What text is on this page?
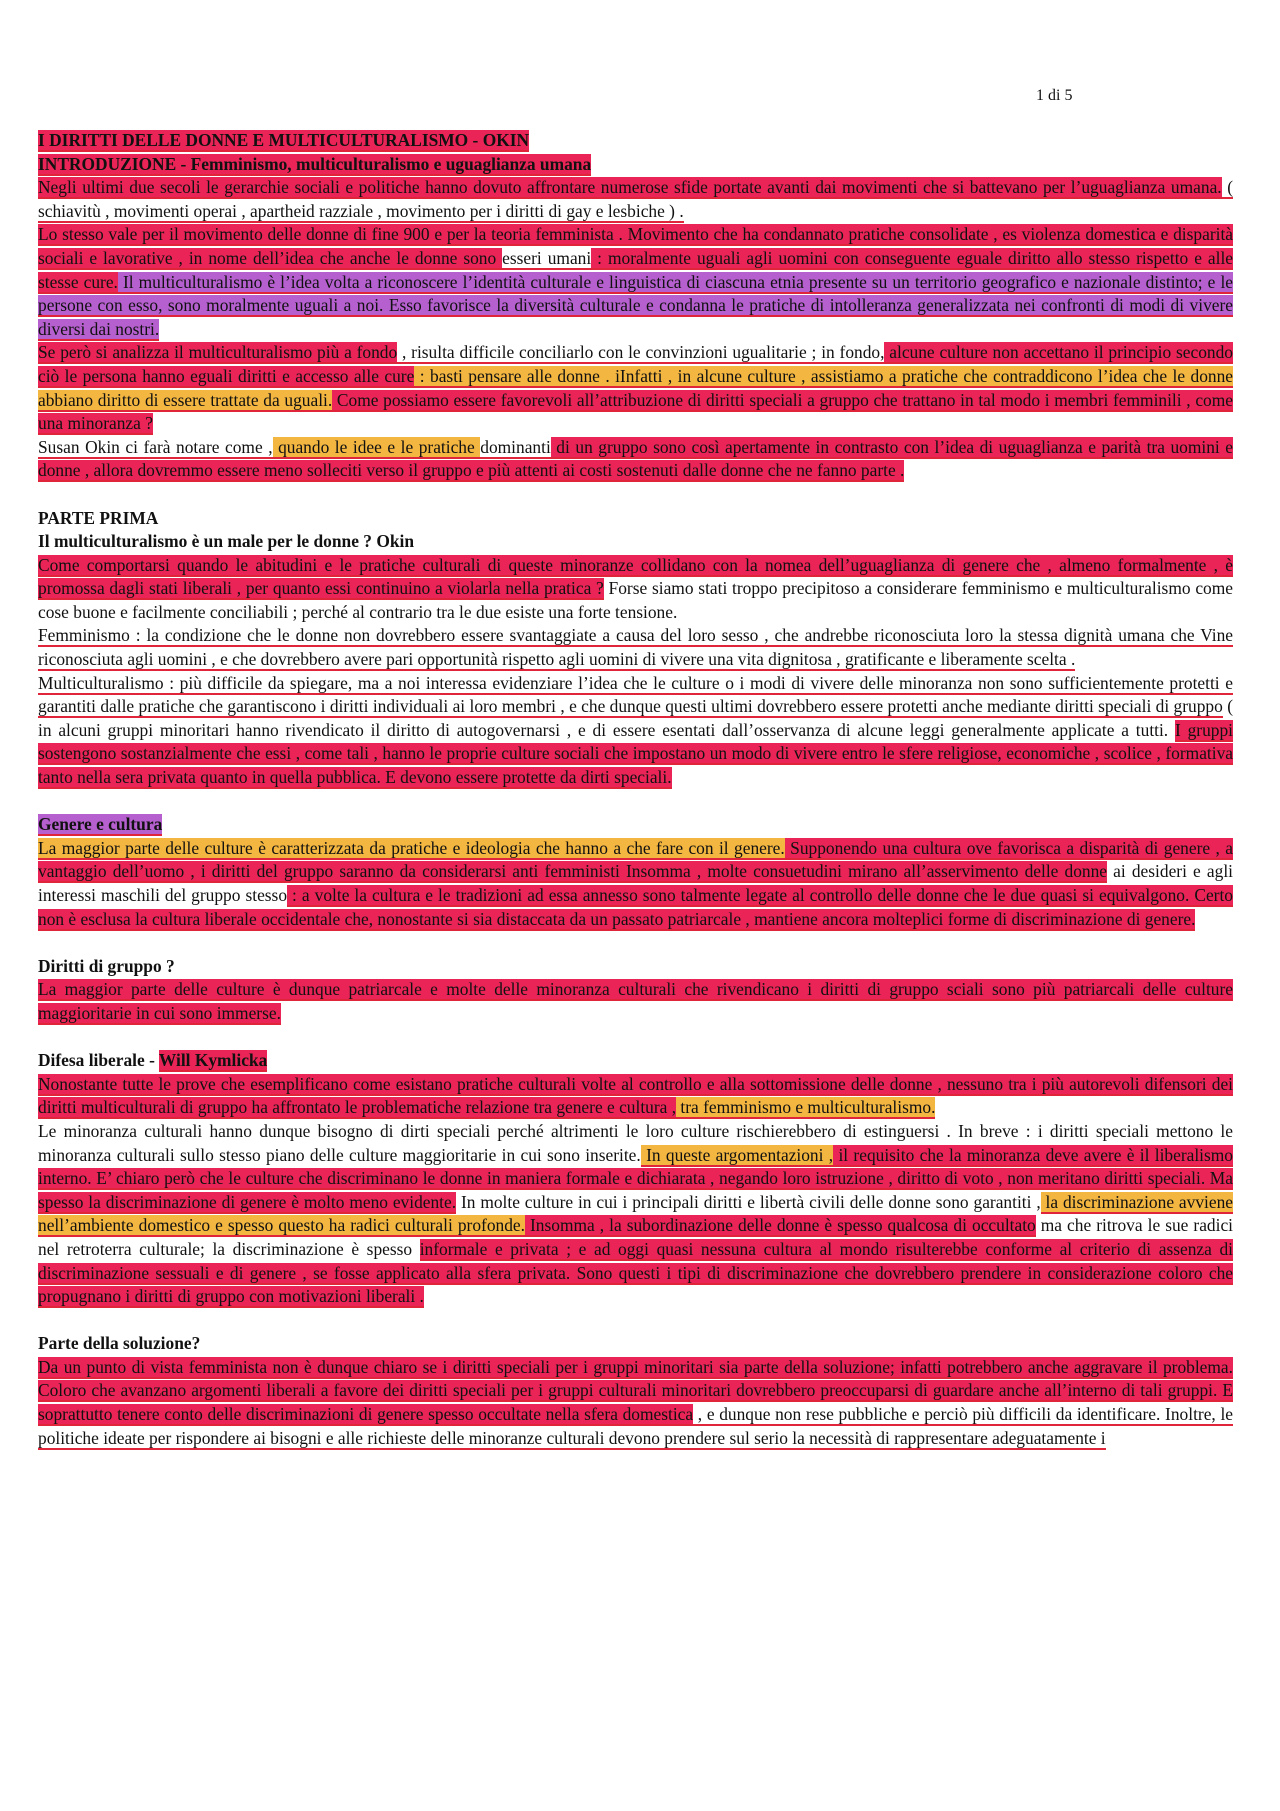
1 di 5
I DIRITTI DELLE DONNE E MULTICULTURALISMO - OKIN
INTRODUZIONE - Femminismo, multiculturalismo e uguaglianza umana

Negli ultimi due secoli le gerarchie sociali e politiche hanno dovuto affrontare numerose sfide portate avanti dai movimenti che si battevano per l’uguaglianza umana. ( schiavitù , movimenti operai , apartheid razziale , movimento per i diritti di gay e lesbiche ) .

Lo stesso vale per il movimento delle donne di fine 900 e per la teoria femminista . Movimento che ha condannato pratiche consolidate , es violenza domestica e disparità sociali e lavorative , in nome dell’idea che anche le donne sono esseri umani : moralmente uguali agli uomini con conseguente eguale diritto allo stesso rispetto e alle stesse cure. Il multiculturalismo è l’idea volta a riconoscere l’identità culturale e linguistica di ciascuna etnia presente su un territorio geografico e nazionale distinto; e le persone con esso, sono moralmente uguali a noi. Esso favorisce la diversità culturale e condanna le pratiche di intolleranza generalizzata nei confronti di modi di vivere diversi dai nostri.

Se però si analizza il multiculturalismo più a fondo , risulta difficile conciliarlo con le convinzioni ugualitarie ; in fondo, alcune culture non accettano il principio secondo ciò le persona hanno eguali diritti e accesso alle cure : basti pensare alle donne . iInfatti , in alcune culture , assistiamo a pratiche che contraddicono l’idea che le donne abbiano diritto di essere trattate da uguali. Come possiamo essere favorevoli all’attribuzione di diritti speciali a gruppo che trattano in tal modo i membri femminili , come una minoranza ?

Susan Okin ci farà notare come , quando le idee e le pratiche dominanti di un gruppo sono così apertamente in contrasto con l’idea di uguaglianza e parità tra uomini e donne , allora dovremmo essere meno solleciti verso il gruppo e più attenti ai costi sostenuti dalle donne che ne fanno parte .

PARTE PRIMA
Il multiculturalismo è un male per le donne ? Okin

Come comportarsi quando le abitudini e le pratiche culturali di queste minoranze collidano con la nomea dell’uguaglianza di genere che , almeno formalmente , è promossa dagli stati liberali , per quanto essi continuino a violarla nella pratica ? Forse siamo stati troppo precipitoso a considerare femminismo e multiculturalismo come cose buone e facilmente conciliabili ; perché al contrario tra le due esiste una forte tensione.

Femminismo : la condizione che le donne non dovrebbero essere svantaggiate a causa del loro sesso , che andrebbe riconosciuta loro la stessa dignità umana che Vine riconosciuta agli uomini , e che dovrebbero avere pari opportunità rispetto agli uomini di vivere una vita dignitosa , gratificante e liberamente scelta .

Multiculturalismo : più difficile da spiegare, ma a noi interessa evidenziare l’idea che le culture o i modi di vivere delle minoranza non sono sufficientemente protetti e garantiti dalle pratiche che garantiscono i diritti individuali ai loro membri , e che dunque questi ultimi dovrebbero essere protetti anche mediante diritti speciali di gruppo ( in alcuni gruppi minoritari hanno rivendicato il diritto di autogovernarsi , e di essere esentati dall’osservanza di alcune leggi generalmente applicate a tutti. I gruppi sostengono sostanzialmente che essi , come tali , hanno le proprie culture sociali che impostano un modo di vivere entro le sfere religiose, economiche , scolice , formativa tanto nella sera privata quanto in quella pubblica. E devono essere protette da dirti speciali.

Genere e cultura

La maggior parte delle culture è caratterizzata da pratiche e ideologia che hanno a che fare con il genere. Supponendo una cultura ove favorisca a disparità di genere , a vantaggio dell’uomo , i diritti del gruppo saranno da considerarsi anti femministi Insomma , molte consuetudini mirano all’asservimento delle donne ai desideri e agli interessi maschili del gruppo stesso : a volte la cultura e le tradizioni ad essa annesso sono talmente legate al controllo delle donne che le due quasi si equivalgono. Certo non è esclusa la cultura liberale occidentale che, nonostante si sia distaccata da un passato patriarcale , mantiene ancora molteplici forme di discriminazione di genere.

Diritti di gruppo ?

La maggior parte delle culture è dunque patriarcale e molte delle minoranza culturali che rivendicano i diritti di gruppo sciali sono più patriarcali delle culture maggioritarie in cui sono immerse.

Difesa liberale - Will Kymlicka

Nonostante tutte le prove che esemplificano come esistano pratiche culturali volte al controllo e alla sottomissione delle donne , nessuno tra i più autorevoli difensori dei diritti multiculturali di gruppo ha affrontato le problematiche relazione tra genere e cultura , tra femminismo e multiculturalismo.

Le minoranza culturali hanno dunque bisogno di dirti speciali perché altrimenti le loro culture rischierebbero di estinguersi . In breve : i diritti speciali mettono le minoranza culturali sullo stesso piano delle culture maggioritarie in cui sono inserite. In queste argomentazioni , il requisito che la minoranza deve avere è il liberalismo interno. E’ chiaro però che le culture che discriminano le donne in maniera formale e dichiarata , negando loro istruzione , diritto di voto , non meritano diritti speciali. Ma spesso la discriminazione di genere è molto meno evidente. In molte culture in cui i principali diritti e libertà civili delle donne sono garantiti , la discriminazione avviene nell’ambiente domestico e spesso questo ha radici culturali profonde. Insomma , la subordinazione delle donne è spesso qualcosa di occultato ma che ritrova le sue radici nel retroterra culturale; la discriminazione è spesso informale e privata ; e ad oggi quasi nessuna cultura al mondo risulterebbe conforme al criterio di assenza di discriminazione sessuali e di genere , se fosse applicato alla sfera privata. Sono questi i tipi di discriminazione che dovrebbero prendere in considerazione coloro che propugnano i diritti di gruppo con motivazioni liberali .

Parte della soluzione?

Da un punto di vista femminista non è dunque chiaro se i diritti speciali per i gruppi minoritari sia parte della soluzione; infatti potrebbero anche aggravare il problema. Coloro che avanzano argomenti liberali a favore dei diritti speciali per i gruppi culturali minoritari dovrebbero preoccuparsi di guardare anche all’interno di tali gruppi. E soprattutto tenere conto delle discriminazioni di genere spesso occultate nella sfera domestica , e dunque non rese pubbliche e perciò più difficili da identificare. Inoltre, le politiche ideate per rispondere ai bisogni e alle richieste delle minoranze culturali devono prendere sul serio la necessità di rappresentare adeguatamente i
